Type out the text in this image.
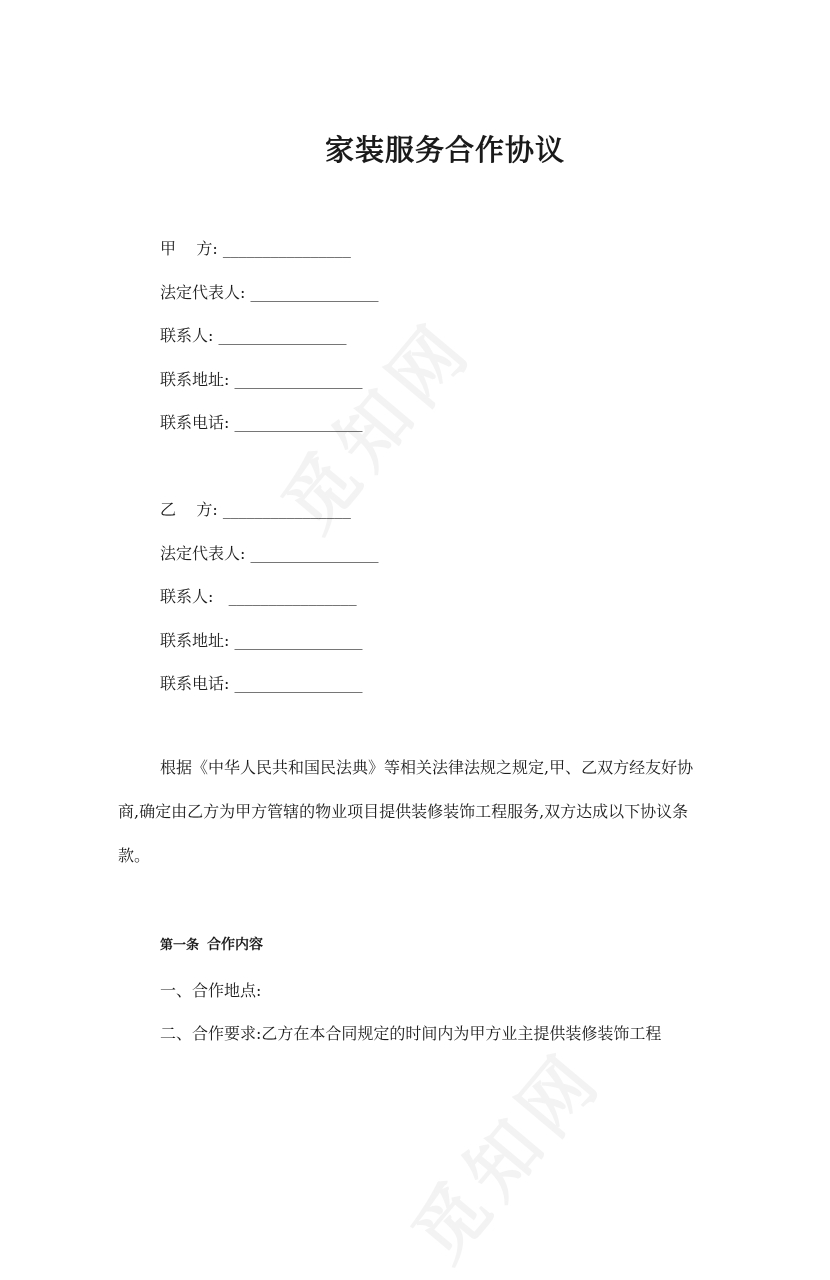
家装服务合作协议
甲    方: ________________
法定代表人: ________________
联系人: ________________
联系地址: ________________
联系电话: ________________
乙    方: ________________
法定代表人: ________________
联系人:   ________________
联系地址: ________________
联系电话: ________________
根据《中华人民共和国民法典》等相关法律法规之规定,甲、乙双方经友好协商,确定由乙方为甲方管辖的物业项目提供装修装饰工程服务,双方达成以下协议条款。
第一条 合作内容
一、合作地点:
二、合作要求:乙方在本合同规定的时间内为甲方业主提供装修装饰工程
